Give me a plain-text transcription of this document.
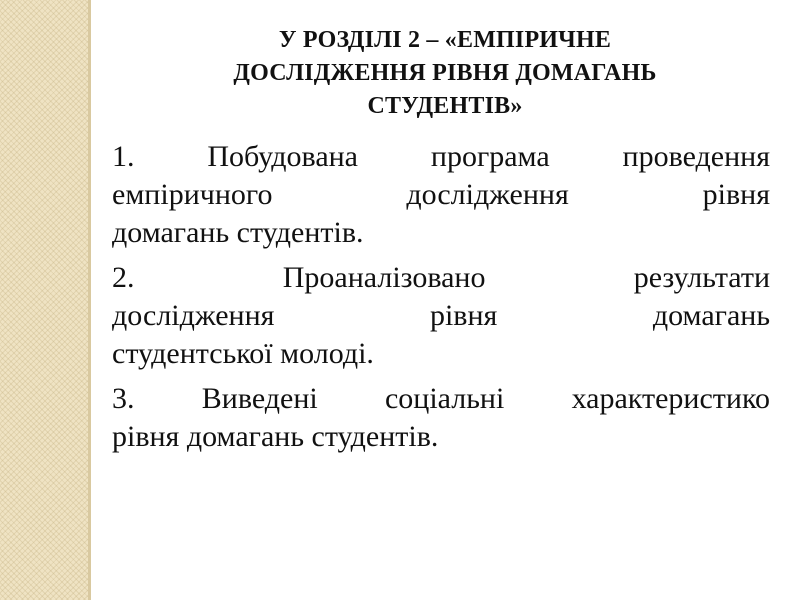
У РОЗДІЛІ 2 – «ЕМПІРИЧНЕ
ДОСЛІДЖЕННЯ РІВНЯ ДОМАГАНЬ
СТУДЕНТІВ»
1. Побудована програма проведення
емпіричного дослідження рівня
домагань студентів.
2. Проаналізовано результати
дослідження рівня домагань
студентської молоді.
3. Виведені соціальні характеристико
рівня домагань студентів.
